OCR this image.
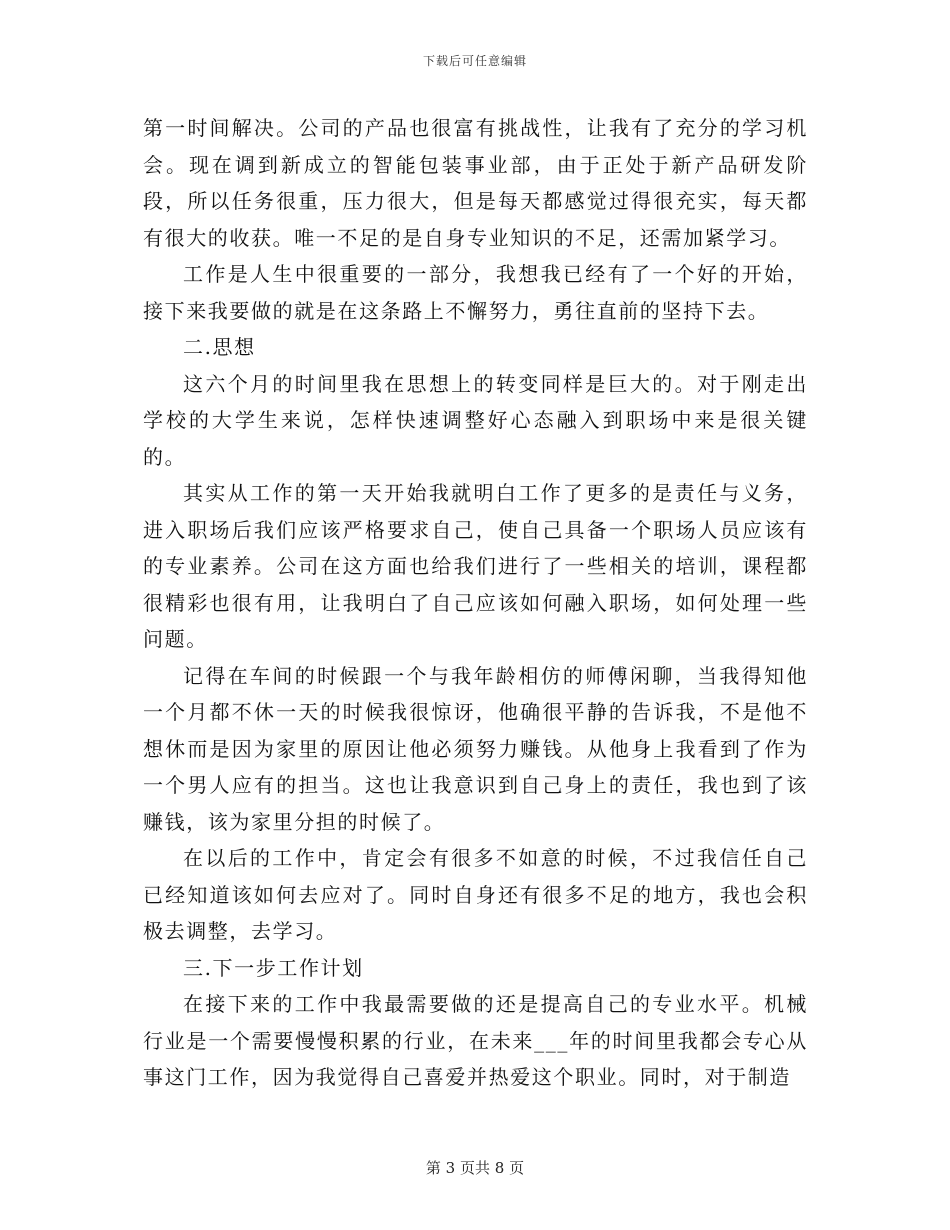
下载后可任意编辑

第一时间解决。公司的产品也很富有挑战性，让我有了充分的学习机会。现在调到新成立的智能包装事业部，由于正处于新产品研发阶段，所以任务很重，压力很大，但是每天都感觉过得很充实，每天都有很大的收获。唯一不足的是自身专业知识的不足，还需加紧学习。

工作是人生中很重要的一部分，我想我已经有了一个好的开始，接下来我要做的就是在这条路上不懈努力，勇往直前的坚持下去。

二.思想

这六个月的时间里我在思想上的转变同样是巨大的。对于刚走出学校的大学生来说，怎样快速调整好心态融入到职场中来是很关键的。

其实从工作的第一天开始我就明白工作了更多的是责任与义务，进入职场后我们应该严格要求自己，使自己具备一个职场人员应该有的专业素养。公司在这方面也给我们进行了一些相关的培训，课程都很精彩也很有用，让我明白了自己应该如何融入职场，如何处理一些问题。

记得在车间的时候跟一个与我年龄相仿的师傅闲聊，当我得知他一个月都不休一天的时候我很惊讶，他确很平静的告诉我，不是他不想休而是因为家里的原因让他必须努力赚钱。从他身上我看到了作为一个男人应有的担当。这也让我意识到自己身上的责任，我也到了该赚钱，该为家里分担的时候了。

在以后的工作中，肯定会有很多不如意的时候，不过我信任自己已经知道该如何去应对了。同时自身还有很多不足的地方，我也会积极去调整，去学习。

三.下一步工作计划

在接下来的工作中我最需要做的还是提高自己的专业水平。机械行业是一个需要慢慢积累的行业，在未来___年的时间里我都会专心从事这门工作，因为我觉得自己喜爱并热爱这个职业。同时，对于制造

第 3 页共 8 页
